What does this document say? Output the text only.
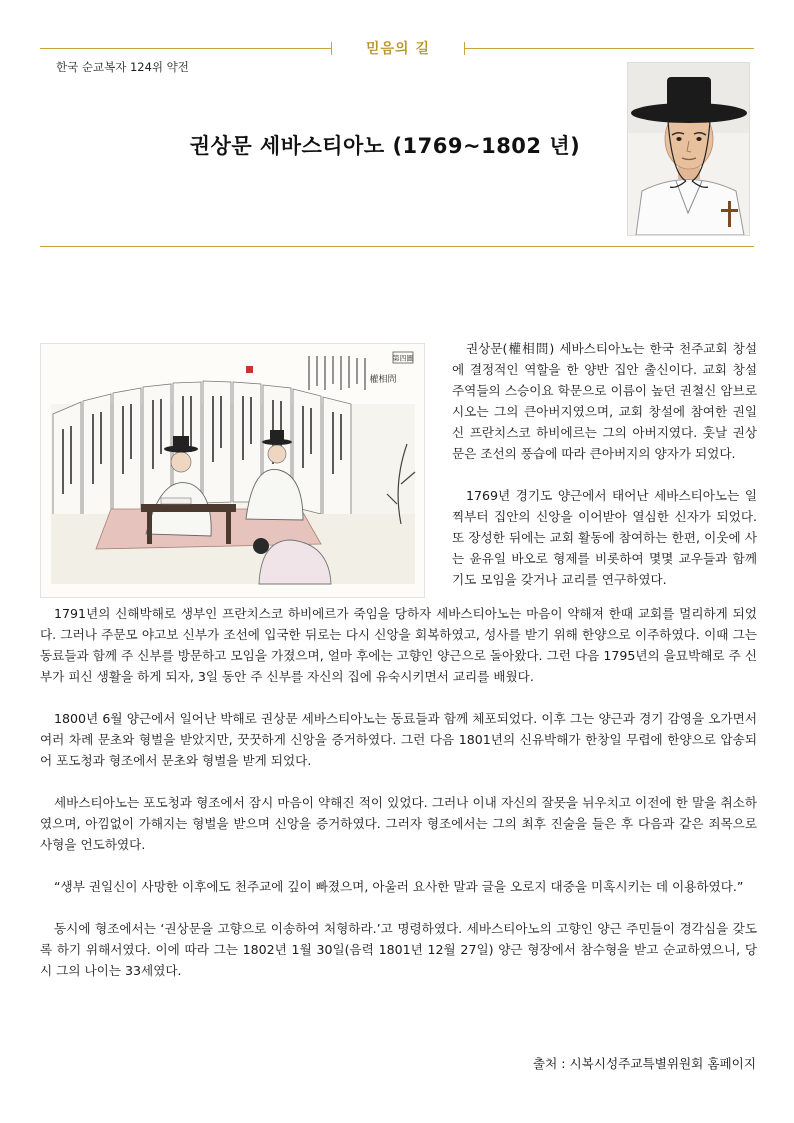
믿음의 길
한국 순교복자 124위 약전
권상문 세바스티아노 (1769~1802 년)
第四圖
權相問

권상문(權相問) 세바스티아노는 한국 천주교회 창설에 결정적인 역할을 한 양반 집안 출신이다. 교회 창설 주역들의 스승이요 학문으로 이름이 높던 권철신 암브로시오는 그의 큰아버지였으며, 교회 창설에 참여한 권일신 프란치스코 하비에르는 그의 아버지였다. 훗날 권상문은 조선의 풍습에 따라 큰아버지의 양자가 되었다.

1769년 경기도 양근에서 태어난 세바스티아노는 일찍부터 집안의 신앙을 이어받아 열심한 신자가 되었다. 또 장성한 뒤에는 교회 활동에 참여하는 한편, 이웃에 사는 윤유일 바오로 형제를 비롯하여 몇몇 교우들과 함께 기도 모임을 갖거나 교리를 연구하였다.

1791년의 신해박해로 생부인 프란치스코 하비에르가 죽임을 당하자 세바스티아노는 마음이 약해져 한때 교회를 멀리하게 되었다. 그러나 주문모 야고보 신부가 조선에 입국한 뒤로는 다시 신앙을 회복하였고, 성사를 받기 위해 한양으로 이주하였다. 이때 그는 동료들과 함께 주 신부를 방문하고 모임을 가졌으며, 얼마 후에는 고향인 양근으로 돌아왔다. 그런 다음 1795년의 을묘박해로 주 신부가 피신 생활을 하게 되자, 3일 동안 주 신부를 자신의 집에 유숙시키면서 교리를 배웠다.

1800년 6월 양근에서 일어난 박해로 권상문 세바스티아노는 동료들과 함께 체포되었다. 이후 그는 양근과 경기 감영을 오가면서 여러 차례 문초와 형벌을 받았지만, 꿋꿋하게 신앙을 증거하였다. 그런 다음 1801년의 신유박해가 한창일 무렵에 한양으로 압송되어 포도청과 형조에서 문초와 형벌을 받게 되었다.

세바스티아노는 포도청과 형조에서 잠시 마음이 약해진 적이 있었다. 그러나 이내 자신의 잘못을 뉘우치고 이전에 한 말을 취소하였으며, 아낌없이 가해지는 형벌을 받으며 신앙을 증거하였다. 그러자 형조에서는 그의 최후 진술을 들은 후 다음과 같은 죄목으로 사형을 언도하였다.

“생부 권일신이 사망한 이후에도 천주교에 깊이 빠졌으며, 아울러 요사한 말과 글을 오로지 대중을 미혹시키는 데 이용하였다.”

동시에 형조에서는 ‘권상문을 고향으로 이송하여 처형하라.’고 명령하였다. 세바스티아노의 고향인 양근 주민들이 경각심을 갖도록 하기 위해서였다. 이에 따라 그는 1802년 1월 30일(음력 1801년 12월 27일) 양근 형장에서 참수형을 받고 순교하였으니, 당시 그의 나이는 33세였다.

출처 : 시복시성주교특별위원회 홈페이지
